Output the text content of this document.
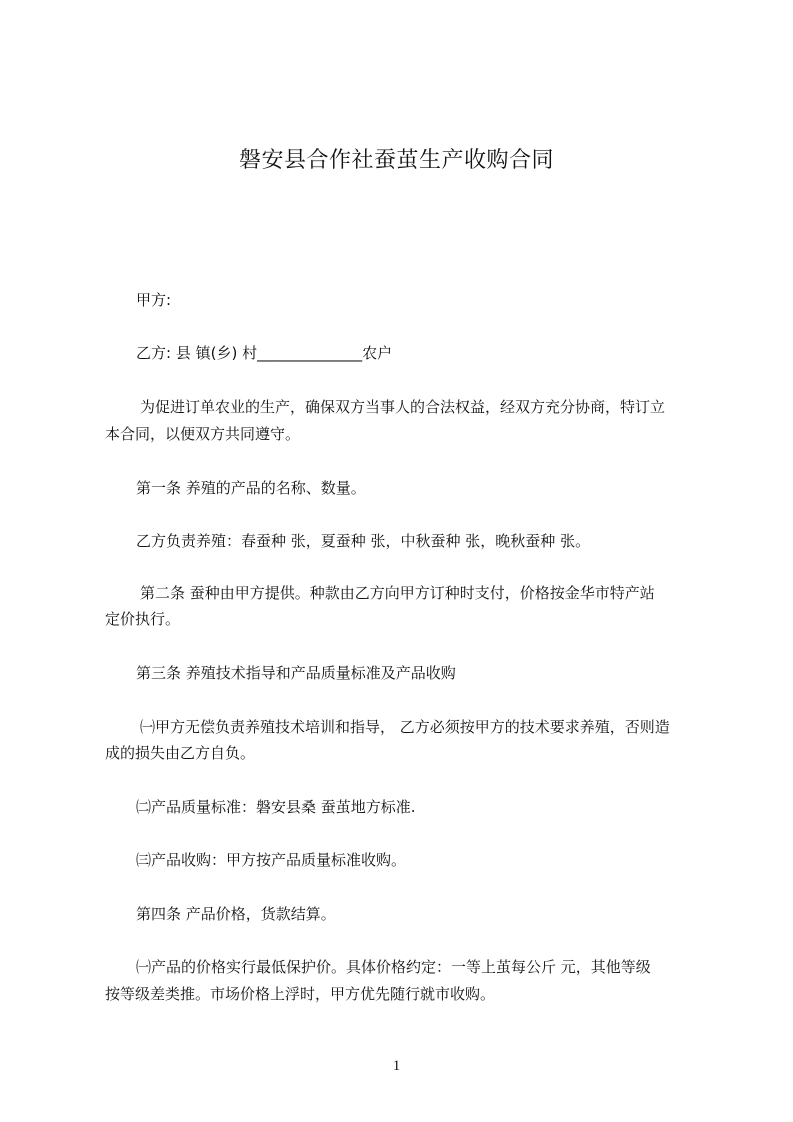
磐安县合作社蚕茧生产收购合同
甲方:
乙方: 县 镇(乡) 村______________农户
为促进订单农业的生产，确保双方当事人的合法权益，经双方充分协商，特订立
本合同，以便双方共同遵守。
第一条 养殖的产品的名称、数量。
乙方负责养殖：春蚕种 张，夏蚕种 张，中秋蚕种 张，晚秋蚕种 张。
第二条 蚕种由甲方提供。种款由乙方向甲方订种时支付，价格按金华市特产站
定价执行。
第三条 养殖技术指导和产品质量标准及产品收购
㈠甲方无偿负责养殖技术培训和指导， 乙方必须按甲方的技术要求养殖，否则造
成的损失由乙方自负。
㈡产品质量标准：磐安县桑 蚕茧地方标准.
㈢产品收购：甲方按产品质量标准收购。
第四条 产品价格，货款结算。
㈠产品的价格实行最低保护价。具体价格约定：一等上茧每公斤 元，其他等级
按等级差类推。市场价格上浮时，甲方优先随行就市收购。
1
